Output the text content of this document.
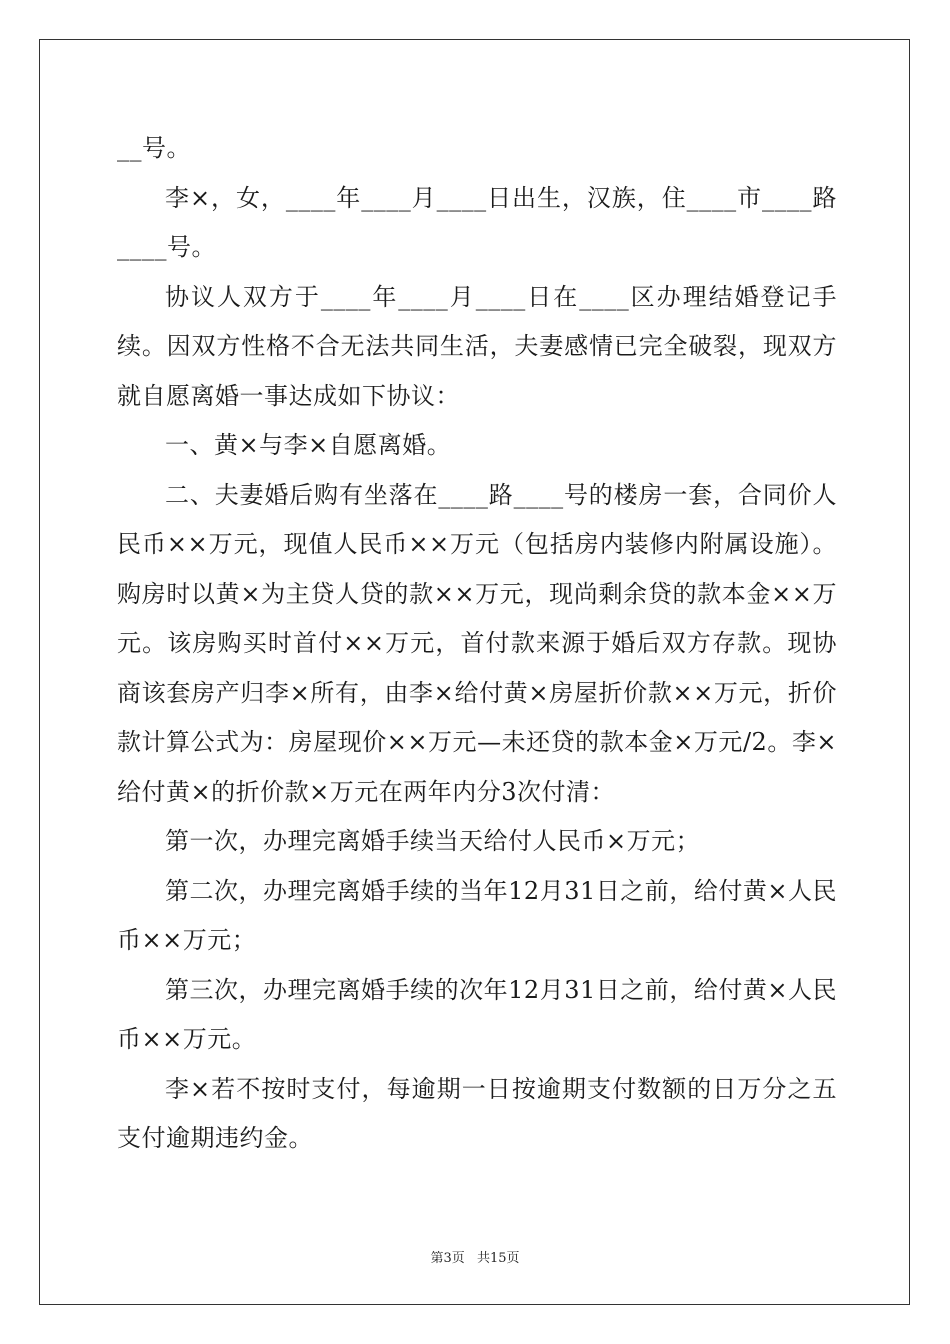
__号。

李×，女，____年____月____日出生，汉族，住____市____路____号。

协议人双方于____年____月____日在____区办理结婚登记手续。因双方性格不合无法共同生活，夫妻感情已完全破裂，现双方就自愿离婚一事达成如下协议：

一、黄×与李×自愿离婚。

二、夫妻婚后购有坐落在____路____号的楼房一套，合同价人民币××万元，现值人民币××万元（包括房内装修内附属设施）。购房时以黄×为主贷人贷的款××万元，现尚剩余贷的款本金××万元。该房购买时首付××万元，首付款来源于婚后双方存款。现协商该套房产归李×所有，由李×给付黄×房屋折价款××万元，折价款计算公式为：房屋现价××万元—未还贷的款本金×万元/2。李×给付黄×的折价款×万元在两年内分3次付清：

第一次，办理完离婚手续当天给付人民币×万元；

第二次，办理完离婚手续的当年12月31日之前，给付黄×人民币××万元；

第三次，办理完离婚手续的次年12月31日之前，给付黄×人民币××万元。

李×若不按时支付，每逾期一日按逾期支付数额的日万分之五支付逾期违约金。

第3页 共15页
